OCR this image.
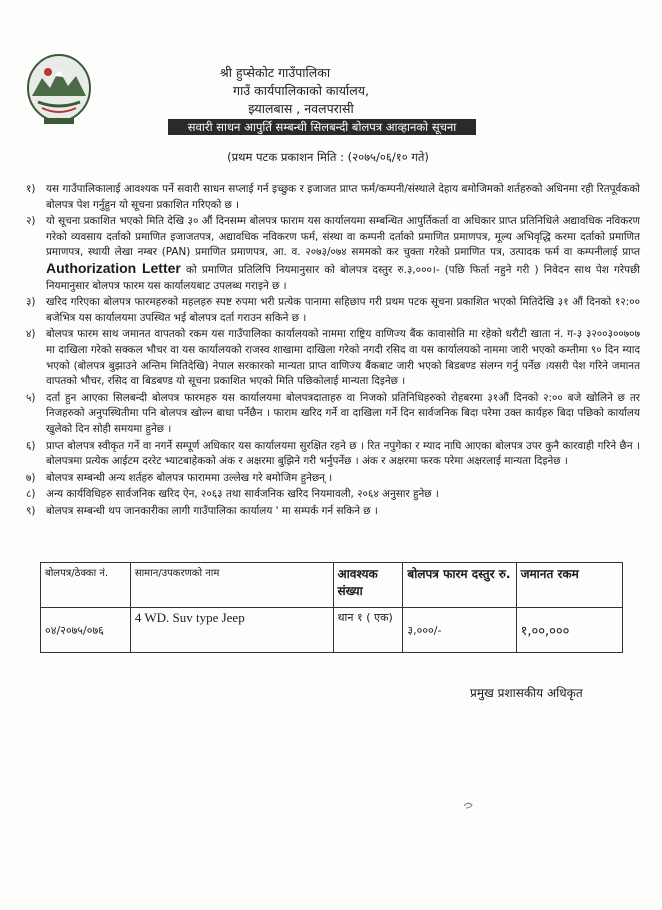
श्री हुप्सेकोट गाउँपालिका
गाउँ कार्यपालिकाको कार्यालय,
झ्यालबास , नवलपरासी
सवारी साधन आपुर्ति सम्बन्धी सिलबन्दी बोलपत्र आव्हानको सूचना
(प्रथम पटक प्रकाशन मिति : (२०७५/०६/१० गते)
१)	यस गाउँपालिकालाई आवश्यक पर्ने सवारी साधन सप्लाई गर्न इच्छुक र इजाजत प्राप्त फर्म/कम्पनी/संस्थाले देहाय बमोजिमको शर्तहरुको अधिनमा रही रितपूर्वकको बोलपत्र पेश गर्नुहुन यो सूचना प्रकाशित गरिएको छ ।
२)	यो सूचना प्रकाशित भएको मिति देखि ३० औं दिनसम्म बोलपत्र फाराम यस कार्यालयमा सम्बन्धित आपुर्तिकर्ता वा अधिकार प्राप्त प्रतिनिधिले अद्यावधिक नविकरण गरेको व्यवसाय दर्ताको प्रमाणित इजाजतपत्र, अद्यावधिक नविकरण फर्म, संस्था वा कम्पनी दर्ताको प्रमाणित प्रमाणपत्र, मूल्य अभिवृद्धि करमा दर्ताको प्रमाणित प्रमाणपत्र, स्थायी लेखा नम्बर (PAN) प्रमाणित प्रमाणपत्र, आ. व. २०७३/०७४ सममको कर चुक्ता गरेको प्रमाणित पत्र, उत्पादक फर्म वा कम्पनीलाई प्राप्त Authorization Letter को प्रमाणित प्रतिलिपि नियमानुसार को बोलपत्र दस्तुर रु.३,०००।- (पछि फिर्ता नहुने गरी ) निवेदन साथ पेश गरेपछी नियमानुसार बोलपत्र फारम यस कार्यालयबाट उपलब्ध गराइने छ ।
३)	खरिद गरिएका बोलपत्र फारमहरुको महलहरु स्पष्ट रुपमा भरी प्रत्येक पानामा सहिछाप गरी प्रथम पटक सूचना प्रकाशित भएको मितिदेखि ३१ औं दिनको १२:०० बजेभित्र यस कार्यालयमा उपस्थित भई बोलपत्र दर्ता गराउन सकिने छ ।
४)	बोलपत्र फारम साथ जमानत वापतको रकम यस गाउँपालिका कार्यालयको नाममा राष्ट्रिय वाणिज्य बैंक कावासोति मा रहेको धरौटी खाता नं. ग-३ ३२००३००७०७ मा दाखिला गरेको सक्कल भौचर वा यस कार्यालयको राजस्व शाखामा दाखिला गरेको नगदी रसिद वा यस कार्यालयको नाममा जारी भएको कम्तीमा ९० दिन म्याद भएको (बोलपत्र बुझाउने अन्तिम मितिदेखि) नेपाल सरकारको मान्यता प्राप्त वाणिज्य बैंकबाट जारी भएको बिडबण्ड संलग्न गर्नु पर्नेछ ।यसरी पेश गरिने जमानत वापतको भौचर, रसिद वा बिडबण्ड यो सूचना प्रकाशित भएको मिति पछिकोलाई मान्यता दिइनेछ ।
५)	दर्ता हुन आएका सिलबन्दी बोलपत्र फारमहरु यस कार्यालयमा बोलपत्रदाताहरु वा निजको प्रतिनिधिहरुको रोहबरमा ३१औं दिनको २:०० बजे खोलिने छ तर निजहरुको अनुपस्थितीमा पनि बोलपत्र खोल्न बाधा पर्नेछैन । फाराम खरिद गर्ने वा दाखिला गर्ने दिन सार्वजनिक बिदा परेमा उक्त कार्यहरु बिदा पछिको कार्यालय खुलेको दिन सोही समयमा हुनेछ ।
६)	प्राप्त बोलपत्र स्वीकृत गर्ने वा नगर्ने सम्पूर्ण अधिकार यस कार्यालयमा सुरक्षित रहने छ । रित नपुगेका र म्याद नाघि आएका बोलपत्र उपर कुनै कारवाही गरिने छैन । बोलपत्रमा प्रत्येक आईटम दररेट भ्याटबाहेकको अंक र अक्षरमा बुझिने गरी भर्नुपर्नेछ । अंक र अक्षरमा फरक परेमा अक्षरलाई मान्यता दिइनेछ ।
७)	बोलपत्र सम्बन्धी अन्य शर्तहरु बोलपत्र फाराममा उल्लेख गरे बमोजिम हुनेछन् ।
८)	अन्य कार्यविधिहरु सार्वजनिक खरिद ऐन, २०६३ तथा सार्वजनिक खरिद नियमावली, २०६४ अनुसार हुनेछ ।
९)	बोलपत्र सम्बन्धी थप जानकारीका लागी गाउँपालिका कार्यालय ' मा सम्पर्क गर्न सकिने छ ।
बोलपत्र/ठेक्का नं.	सामान/उपकरणको नाम	आवश्यक संख्या	बोलपत्र फारम दस्तुर रु.	जमानत रकम
०४/२०७५/०७६	4 WD. Suv type Jeep	थान १ ( एक)	३,०००/-	१,००,०००
प्रमुख प्रशासकीय अधिकृत
